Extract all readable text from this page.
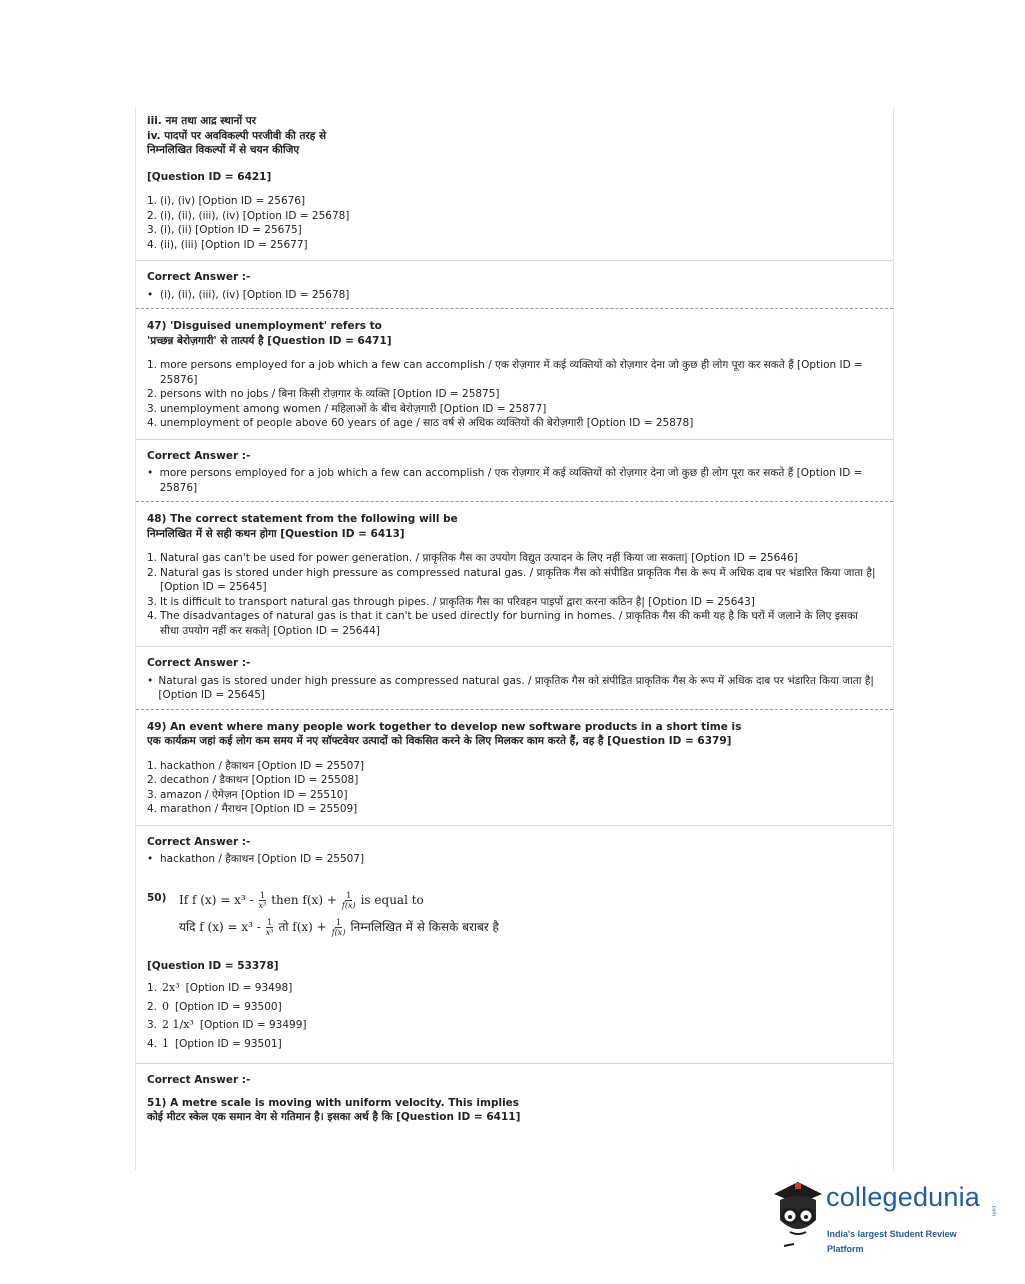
iii. नम तथा आद्र स्थानों पर
iv. पादपों पर अवविकल्पी परजीवी की तरह से
निम्नलिखित विकल्पों में से चयन कीजिए
[Question ID = 6421]
1. (i), (iv) [Option ID = 25676]
2. (i), (ii), (iii), (iv) [Option ID = 25678]
3. (i), (ii) [Option ID = 25675]
4. (ii), (iii) [Option ID = 25677]
Correct Answer :-
• (i), (ii), (iii), (iv) [Option ID = 25678]
47) 'Disguised unemployment' refers to
'प्रच्छन्न बेरोज़गारी' से तात्पर्य है [Question ID = 6471]
1. more persons employed for a job which a few can accomplish / एक रोज़गार में कई व्यक्तियों को रोज़गार देना जो कुछ ही लोग पूरा कर सकते हैं [Option ID = 25876]
2. persons with no jobs / बिना किसी रोज़गार के व्यक्ति [Option ID = 25875]
3. unemployment among women / महिलाओं के बीच बेरोज़गारी [Option ID = 25877]
4. unemployment of people above 60 years of age / साठ वर्ष से अधिक व्यक्तियों की बेरोज़गारी [Option ID = 25878]
Correct Answer :-
• more persons employed for a job which a few can accomplish / एक रोज़गार में कई व्यक्तियों को रोज़गार देना जो कुछ ही लोग पूरा कर सकते हैं [Option ID = 25876]
48) The correct statement from the following will be
निम्नलिखित में से सही कथन होगा [Question ID = 6413]
1. Natural gas can't be used for power generation. / प्राकृतिक गैस का उपयोग विद्युत उत्पादन के लिए नहीं किया जा सकता| [Option ID = 25646]
2. Natural gas is stored under high pressure as compressed natural gas. / प्राकृतिक गैस को संपीडित प्राकृतिक गैस के रूप में अधिक दाब पर भंडारित किया जाता है| [Option ID = 25645]
3. It is difficult to transport natural gas through pipes. / प्राकृतिक गैस का परिवहन पाइपों द्वारा करना कठिन है| [Option ID = 25643]
4. The disadvantages of natural gas is that it can't be used directly for burning in homes. / प्राकृतिक गैस की कमी यह है कि घरों में जलाने के लिए इसका सीधा उपयोग नहीं कर सकते| [Option ID = 25644]
Correct Answer :-
• Natural gas is stored under high pressure as compressed natural gas. / प्राकृतिक गैस को संपीडित प्राकृतिक गैस के रूप में अधिक दाब पर भंडारित किया जाता है| [Option ID = 25645]
49) An event where many people work together to develop new software products in a short time is
एक कार्यक्रम जहां कई लोग कम समय में नए सॉफ्टवेयर उत्पादों को विकसित करने के लिए मिलकर काम करते हैं, वह है [Question ID = 6379]
1. hackathon / हैकाथन [Option ID = 25507]
2. decathon / डैकाथन [Option ID = 25508]
3. amazon / ऐमेज़न [Option ID = 25510]
4. marathon / मैराथन [Option ID = 25509]
Correct Answer :-
• hackathon / हैकाथन [Option ID = 25507]
50)	If f $(x) = x^3 - \frac{1}{\text{x³}}$ then $f(x) + \frac{1}{f(x)}$ is equal to
यदि f $(x) = x^3 - \frac{1}{\text{x³}}$ तो $f(x) + \frac{1}{f(x)}$ निम्नलिखित में से किसके बराबर है
[Question ID = 53378]
1. 2x³ [Option ID = 93498]
2. 0 [Option ID = 93500]
3. 2 1/x³ [Option ID = 93499]
4. 1 [Option ID = 93501]
Correct Answer :-
51) A metre scale is moving with uniform velocity. This implies
कोई मीटर स्केल एक समान वेग से गतिमान है। इसका अर्थ है कि [Question ID = 6411]
collegedunia	.com
India's largest Student Review Platform
